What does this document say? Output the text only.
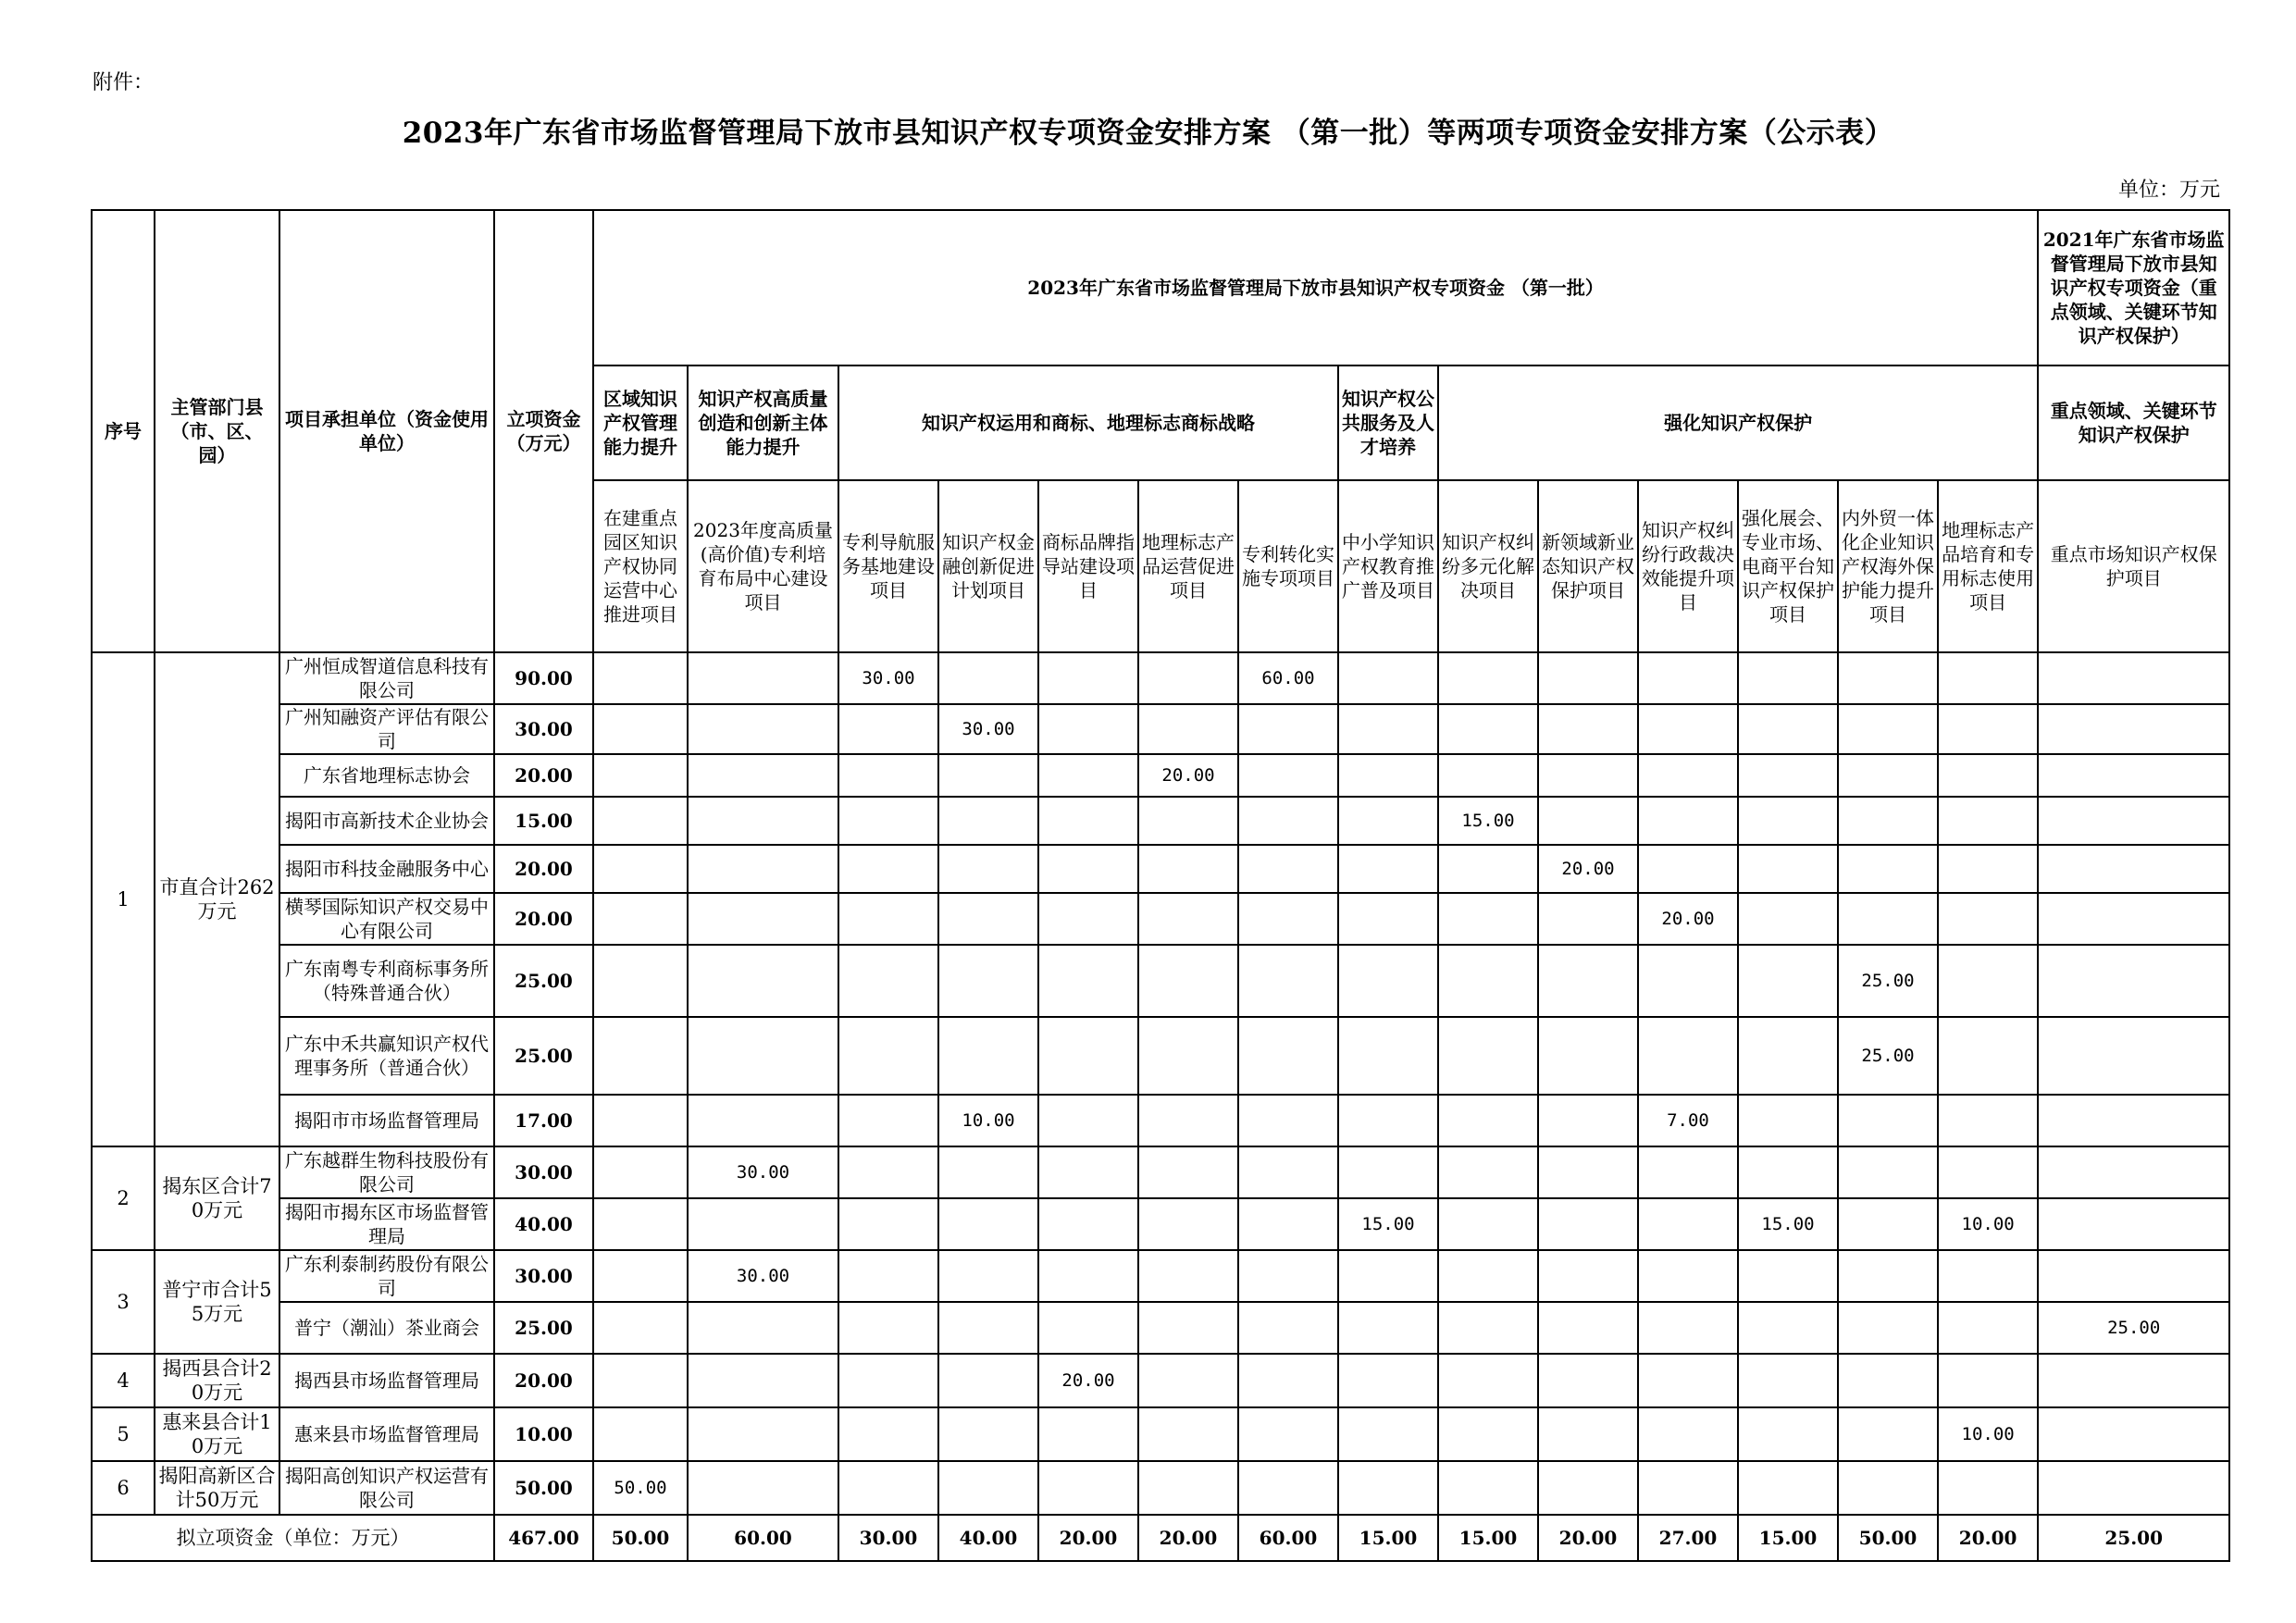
附件：
2023年广东省市场监督管理局下放市县知识产权专项资金安排方案 （第一批）等两项专项资金安排方案（公示表）
单位：万元
序号	主管部门县（市、区、园）	项目承担单位（资金使用单位）	立项资金（万元）	2023年广东省市场监督管理局下放市县知识产权专项资金 （第一批）														2021年广东省市场监督管理局下放市县知识产权专项资金（重点领域、关键环节知识产权保护）
				区域知识产权管理能力提升	知识产权高质量创造和创新主体能力提升	知识产权运用和商标、地理标志商标战略					知识产权公共服务及人才培养	强化知识产权保护						重点领域、关键环节知识产权保护
				在建重点园区知识产权协同运营中心推进项目	2023年度高质量(高价值)专利培育布局中心建设项目	专利导航服务基地建设项目	知识产权金融创新促进计划项目	商标品牌指导站建设项目	地理标志产品运营促进项目	专利转化实施专项项目	中小学知识产权教育推广普及项目	知识产权纠纷多元化解决项目	新领域新业态知识产权保护项目	知识产权纠纷行政裁决效能提升项目	强化展会、专业市场、电商平台知识产权保护项目	内外贸一体化企业知识产权海外保护能力提升项目	地理标志产品培育和专用标志使用项目	重点市场知识产权保护项目
1	市直合计262万元	广州恒成智道信息科技有限公司	90.00			30.00				60.00								
		广州知融资产评估有限公司	30.00				30.00											
		广东省地理标志协会	20.00						20.00									
		揭阳市高新技术企业协会	15.00									15.00						
		揭阳市科技金融服务中心	20.00										20.00					
		横琴国际知识产权交易中心有限公司	20.00											20.00				
		广东南粤专利商标事务所（特殊普通合伙）	25.00													25.00		
		广东中禾共赢知识产权代理事务所（普通合伙）	25.00													25.00		
		揭阳市市场监督管理局	17.00				10.00							7.00				
2	揭东区合计70万元	广东越群生物科技股份有限公司	30.00		30.00													
		揭阳市揭东区市场监督管理局	40.00								15.00				15.00		10.00	
3	普宁市合计55万元	广东利泰制药股份有限公司	30.00		30.00													
		普宁（潮汕）茶业商会	25.00															25.00
4	揭西县合计20万元	揭西县市场监督管理局	20.00					20.00										
5	惠来县合计10万元	惠来县市场监督管理局	10.00														10.00	
6	揭阳高新区合计50万元	揭阳高创知识产权运营有限公司	50.00	50.00														
拟立项资金（单位：万元）			467.00	50.00	60.00	30.00	40.00	20.00	20.00	60.00	15.00	15.00	20.00	27.00	15.00	50.00	20.00	25.00
